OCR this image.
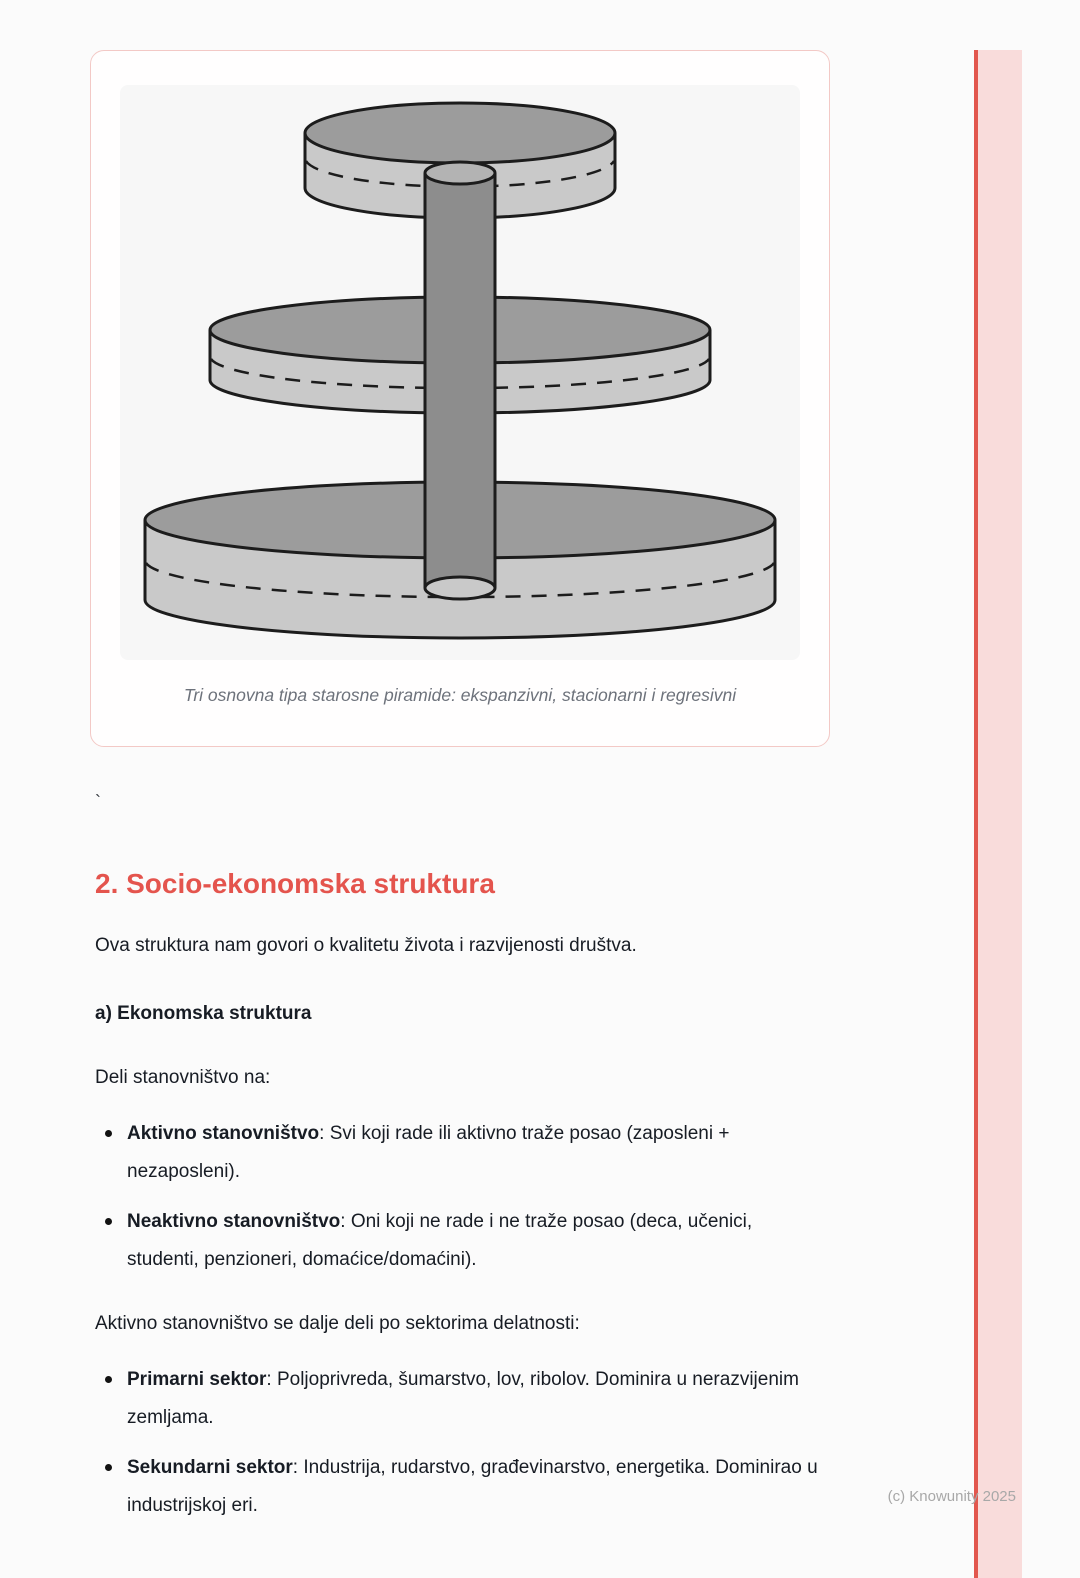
Tri osnovna tipa starosne piramide: ekspanzivni, stacionarni i regresivni
`
2. Socio-ekonomska struktura

Ova struktura nam govori o kvalitetu života i razvijenosti društva.

a) Ekonomska struktura

Deli stanovništvo na:

Aktivno stanovništvo: Svi koji rade ili aktivno traže posao (zaposleni + nezaposleni).
Neaktivno stanovništvo: Oni koji ne rade i ne traže posao (deca, učenici, studenti, penzioneri, domaćice/domaćini).

Aktivno stanovništvo se dalje deli po sektorima delatnosti:

Primarni sektor: Poljoprivreda, šumarstvo, lov, ribolov. Dominira u nerazvijenim zemljama.
Sekundarni sektor: Industrija, rudarstvo, građevinarstvo, energetika. Dominirao u industrijskoj eri.	(c) Knowunity 2025
